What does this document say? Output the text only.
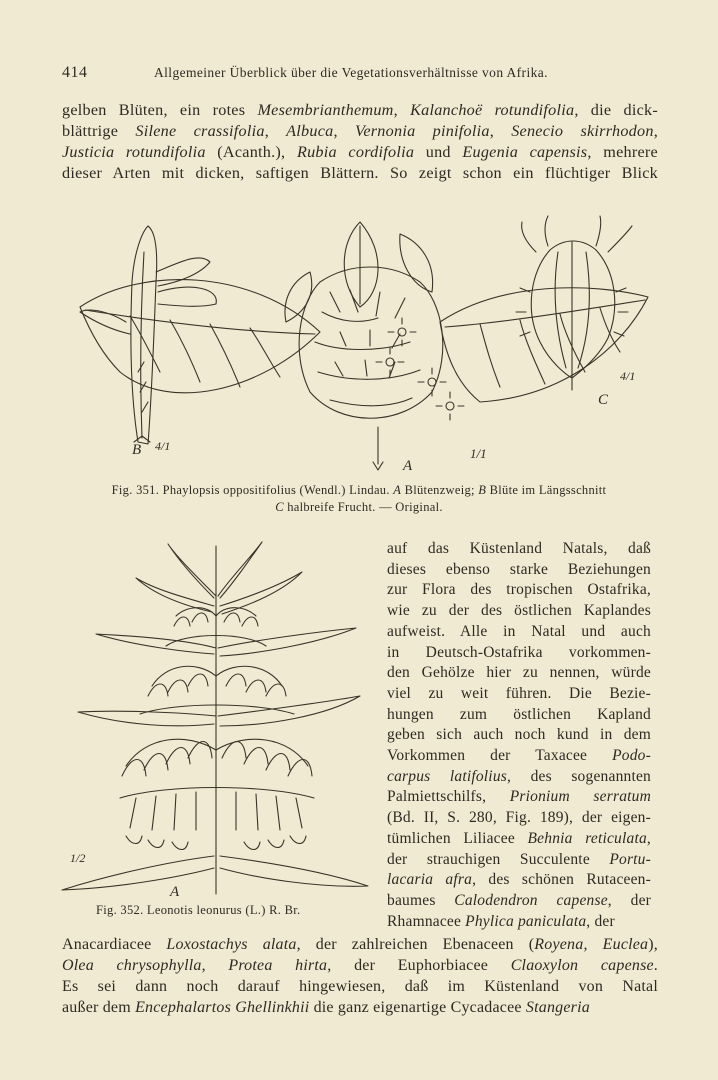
414	Allgemeiner Überblick über die Vegetationsverhältnisse von Afrika.
gelben Blüten, ein rotes Mesembrianthemum, Kalanchoë rotundifolia, die dick-
blättrige Silene crassifolia, Albuca, Vernonia pinifolia, Senecio skirrhodon,
Justicia rotundifolia (Acanth.), Rubia cordifolia und Eugenia capensis, mehrere
dieser Arten mit dicken, saftigen Blättern. So zeigt schon ein flüchtiger Blick
B 4/1
A
1/1
C
4/1
Fig. 351. Phaylopsis oppositifolius (Wendl.) Lindau. A Blütenzweig; B Blüte im Längsschnitt
C halbreife Frucht. — Original.
A
1/2
Fig. 352. Leonotis leonurus (L.) R. Br.
auf das Küstenland Natals, daß
dieses ebenso starke Beziehungen
zur Flora des tropischen Ostafrika,
wie zu der des östlichen Kaplandes
aufweist. Alle in Natal und auch
in Deutsch-Ostafrika vorkommen-
den Gehölze hier zu nennen, würde
viel zu weit führen. Die Bezie-
hungen zum östlichen Kapland
geben sich auch noch kund in dem
Vorkommen der Taxacee Podo-
carpus latifolius, des sogenannten
Palmiettschilfs, Prionium serratum
(Bd. II, S. 280, Fig. 189), der eigen-
tümlichen Liliacee Behnia reticulata,
der strauchigen Succulente Portu-
lacaria afra, des schönen Rutaceen-
baumes Calodendron capense, der
Rhamnacee Phylica paniculata, der
Anacardiacee Loxostachys alata, der zahlreichen Ebenaceen (Royena, Euclea),
Olea chrysophylla, Protea hirta, der Euphorbiacee Claoxylon capense.
Es sei dann noch darauf hingewiesen, daß im Küstenland von Natal
außer dem Encephalartos Ghellinkhii die ganz eigenartige Cycadacee Stangeria
